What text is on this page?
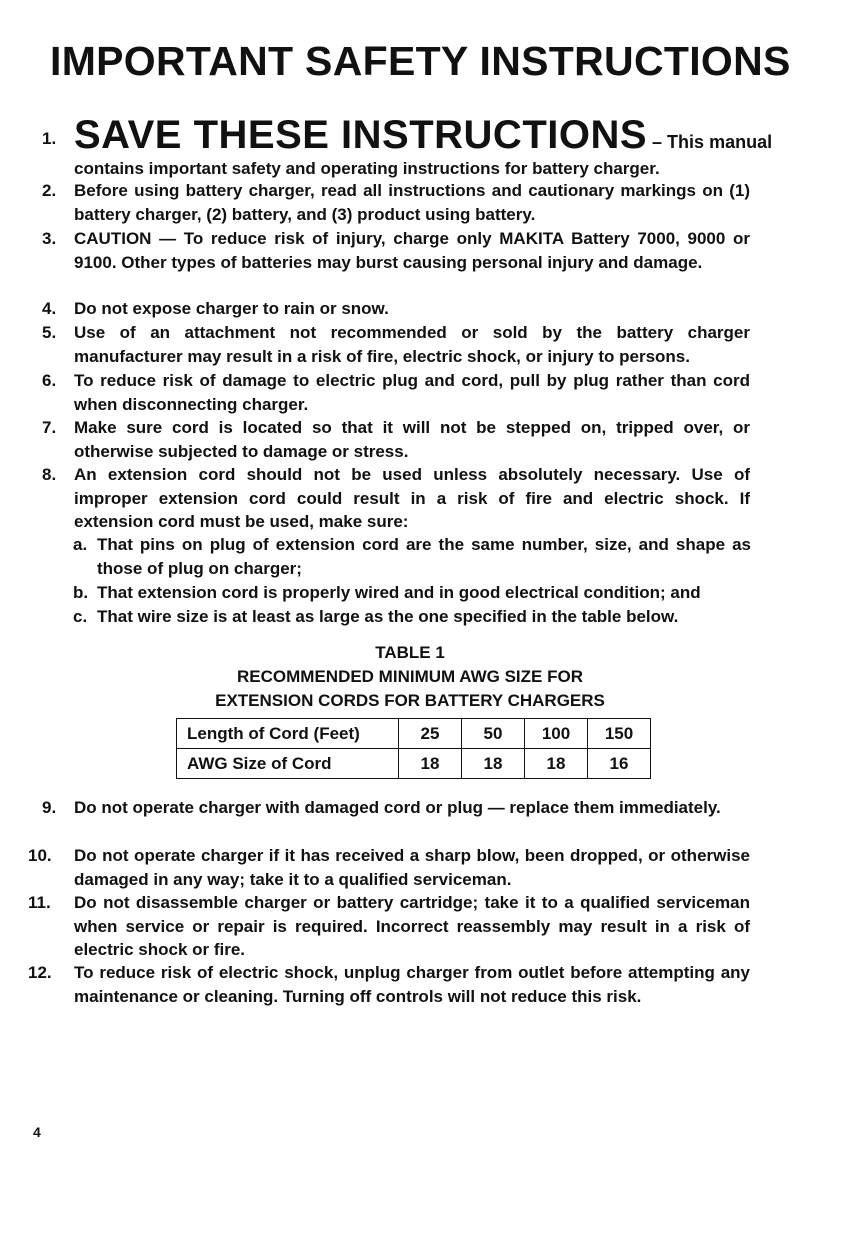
IMPORTANT SAFETY INSTRUCTIONS
1. SAVE THESE INSTRUCTIONS – This manual
contains important safety and operating instructions for battery charger.
2.	Before using battery charger, read all instructions and cautionary markings on (1) battery charger, (2) battery, and (3) product using battery.
3.	CAUTION — To reduce risk of injury, charge only MAKITA Battery 7000, 9000 or 9100. Other types of batteries may burst causing personal injury and damage.
4.	Do not expose charger to rain or snow.
5.	Use of an attachment not recommended or sold by the battery charger manufacturer may result in a risk of fire, electric shock, or injury to persons.
6.	To reduce risk of damage to electric plug and cord, pull by plug rather than cord when disconnecting charger.
7.	Make sure cord is located so that it will not be stepped on, tripped over, or otherwise subjected to damage or stress.
8.	An extension cord should not be used unless absolutely necessary. Use of improper extension cord could result in a risk of fire and electric shock. If extension cord must be used, make sure:
a. That pins on plug of extension cord are the same number, size, and shape as those of plug on charger;
b. That extension cord is properly wired and in good electrical condition; and
c. That wire size is at least as large as the one specified in the table below.
TABLE 1
RECOMMENDED MINIMUM AWG SIZE FOR
EXTENSION CORDS FOR BATTERY CHARGERS
Length of Cord (Feet)	25	50	100	150
AWG Size of Cord	18	18	18	16
9.	Do not operate charger with damaged cord or plug — replace them immediately.
10.	Do not operate charger if it has received a sharp blow, been dropped, or otherwise damaged in any way; take it to a qualified serviceman.
11.	Do not disassemble charger or battery cartridge; take it to a qualified serviceman when service or repair is required. Incorrect reassembly may result in a risk of electric shock or fire.
12.	To reduce risk of electric shock, unplug charger from outlet before attempting any maintenance or cleaning. Turning off controls will not reduce this risk.
4
